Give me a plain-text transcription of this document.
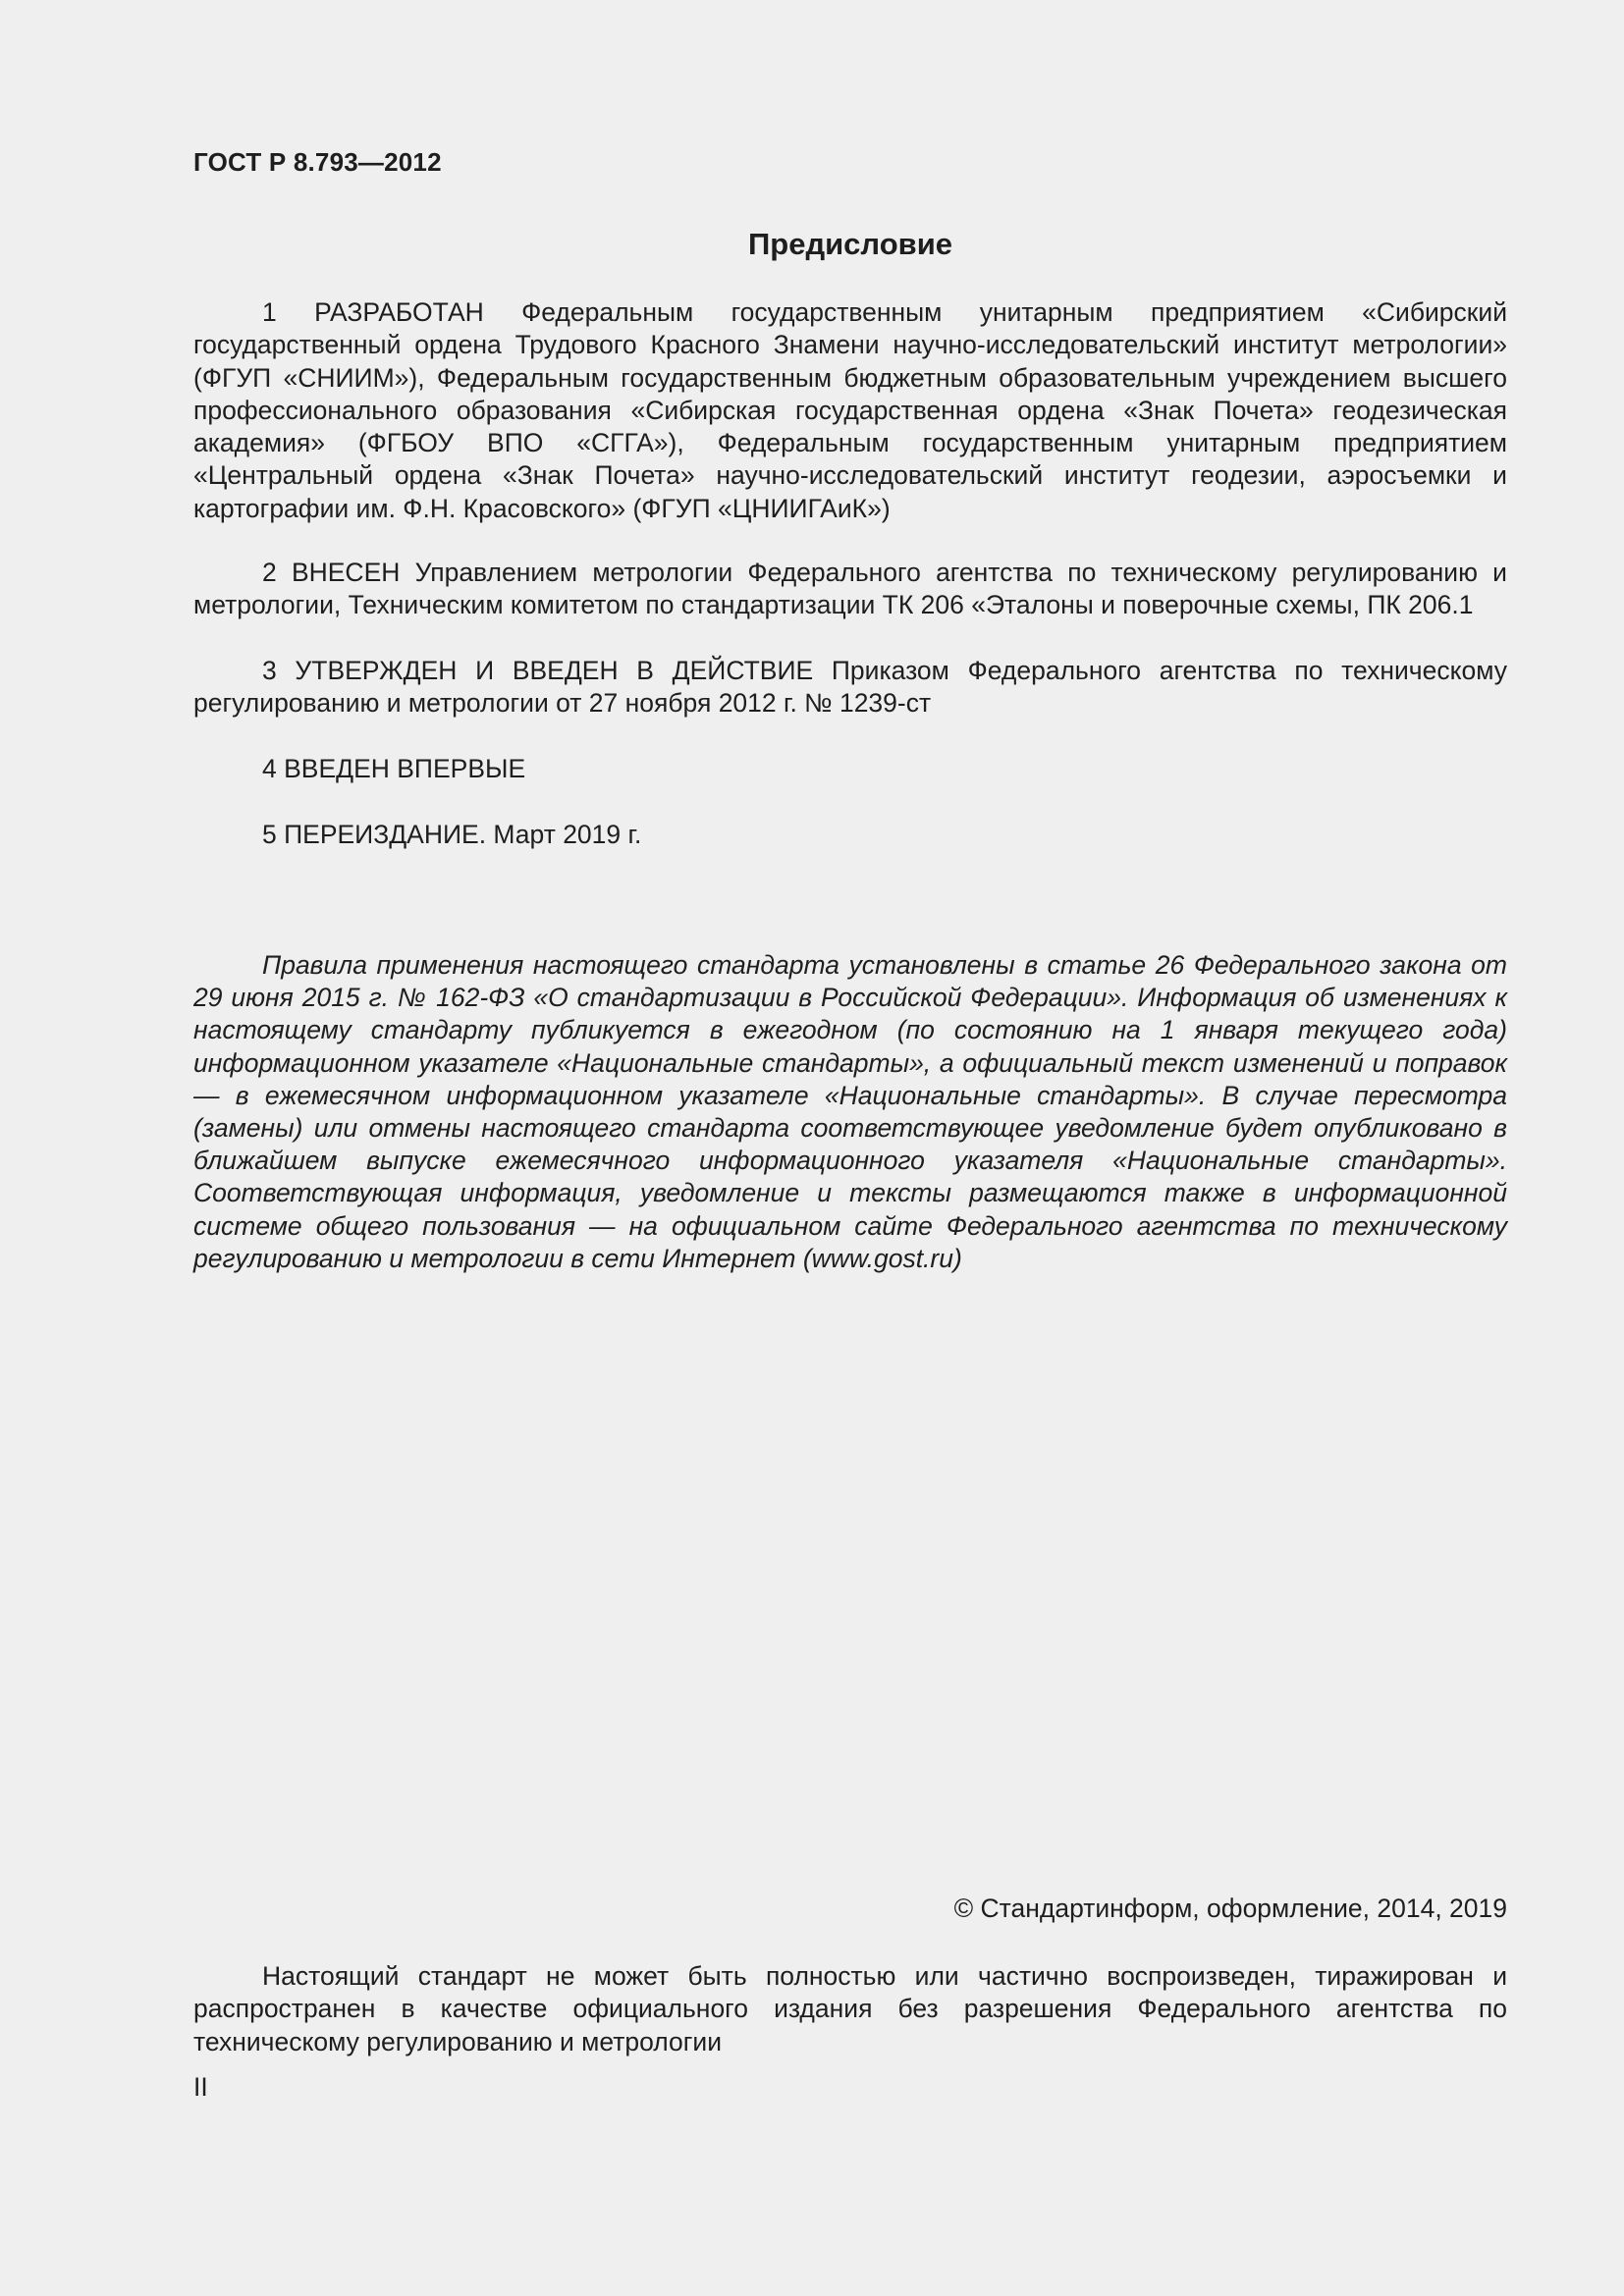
ГОСТ Р 8.793—2012

Предисловие

1 РАЗРАБОТАН Федеральным государственным унитарным предприятием «Сибирский государственный ордена Трудового Красного Знамени научно-исследовательский институт метрологии» (ФГУП «СНИИМ»), Федеральным государственным бюджетным образовательным учреждением высшего профессионального образования «Сибирская государственная ордена «Знак Почета» геодезическая академия» (ФГБОУ ВПО «СГГА»), Федеральным государственным унитарным предприятием «Центральный ордена «Знак Почета» научно-исследовательский институт геодезии, аэросъемки и картографии им. Ф.Н. Красовского» (ФГУП «ЦНИИГАиК»)

2 ВНЕСЕН Управлением метрологии Федерального агентства по техническому регулированию и метрологии, Техническим комитетом по стандартизации ТК 206 «Эталоны и поверочные схемы, ПК 206.1

3 УТВЕРЖДЕН И ВВЕДЕН В ДЕЙСТВИЕ Приказом Федерального агентства по техническому регулированию и метрологии от 27 ноября 2012 г. № 1239-ст

4 ВВЕДЕН ВПЕРВЫЕ

5 ПЕРЕИЗДАНИЕ. Март 2019 г.

Правила применения настоящего стандарта установлены в статье 26 Федерального закона от 29 июня 2015 г. № 162-ФЗ «О стандартизации в Российской Федерации». Информация об изменениях к настоящему стандарту публикуется в ежегодном (по состоянию на 1 января текущего года) информационном указателе «Национальные стандарты», а официальный текст изменений и поправок — в ежемесячном информационном указателе «Национальные стандарты». В случае пересмотра (замены) или отмены настоящего стандарта соответствующее уведомление будет опубликовано в ближайшем выпуске ежемесячного информационного указателя «Национальные стандарты». Соответствующая информация, уведомление и тексты размещаются также в информационной системе общего пользования — на официальном сайте Федерального агентства по техническому регулированию и метрологии в сети Интернет (www.gost.ru)

© Стандартинформ, оформление, 2014, 2019

Настоящий стандарт не может быть полностью или частично воспроизведен, тиражирован и распространен в качестве официального издания без разрешения Федерального агентства по техническому регулированию и метрологии

II
